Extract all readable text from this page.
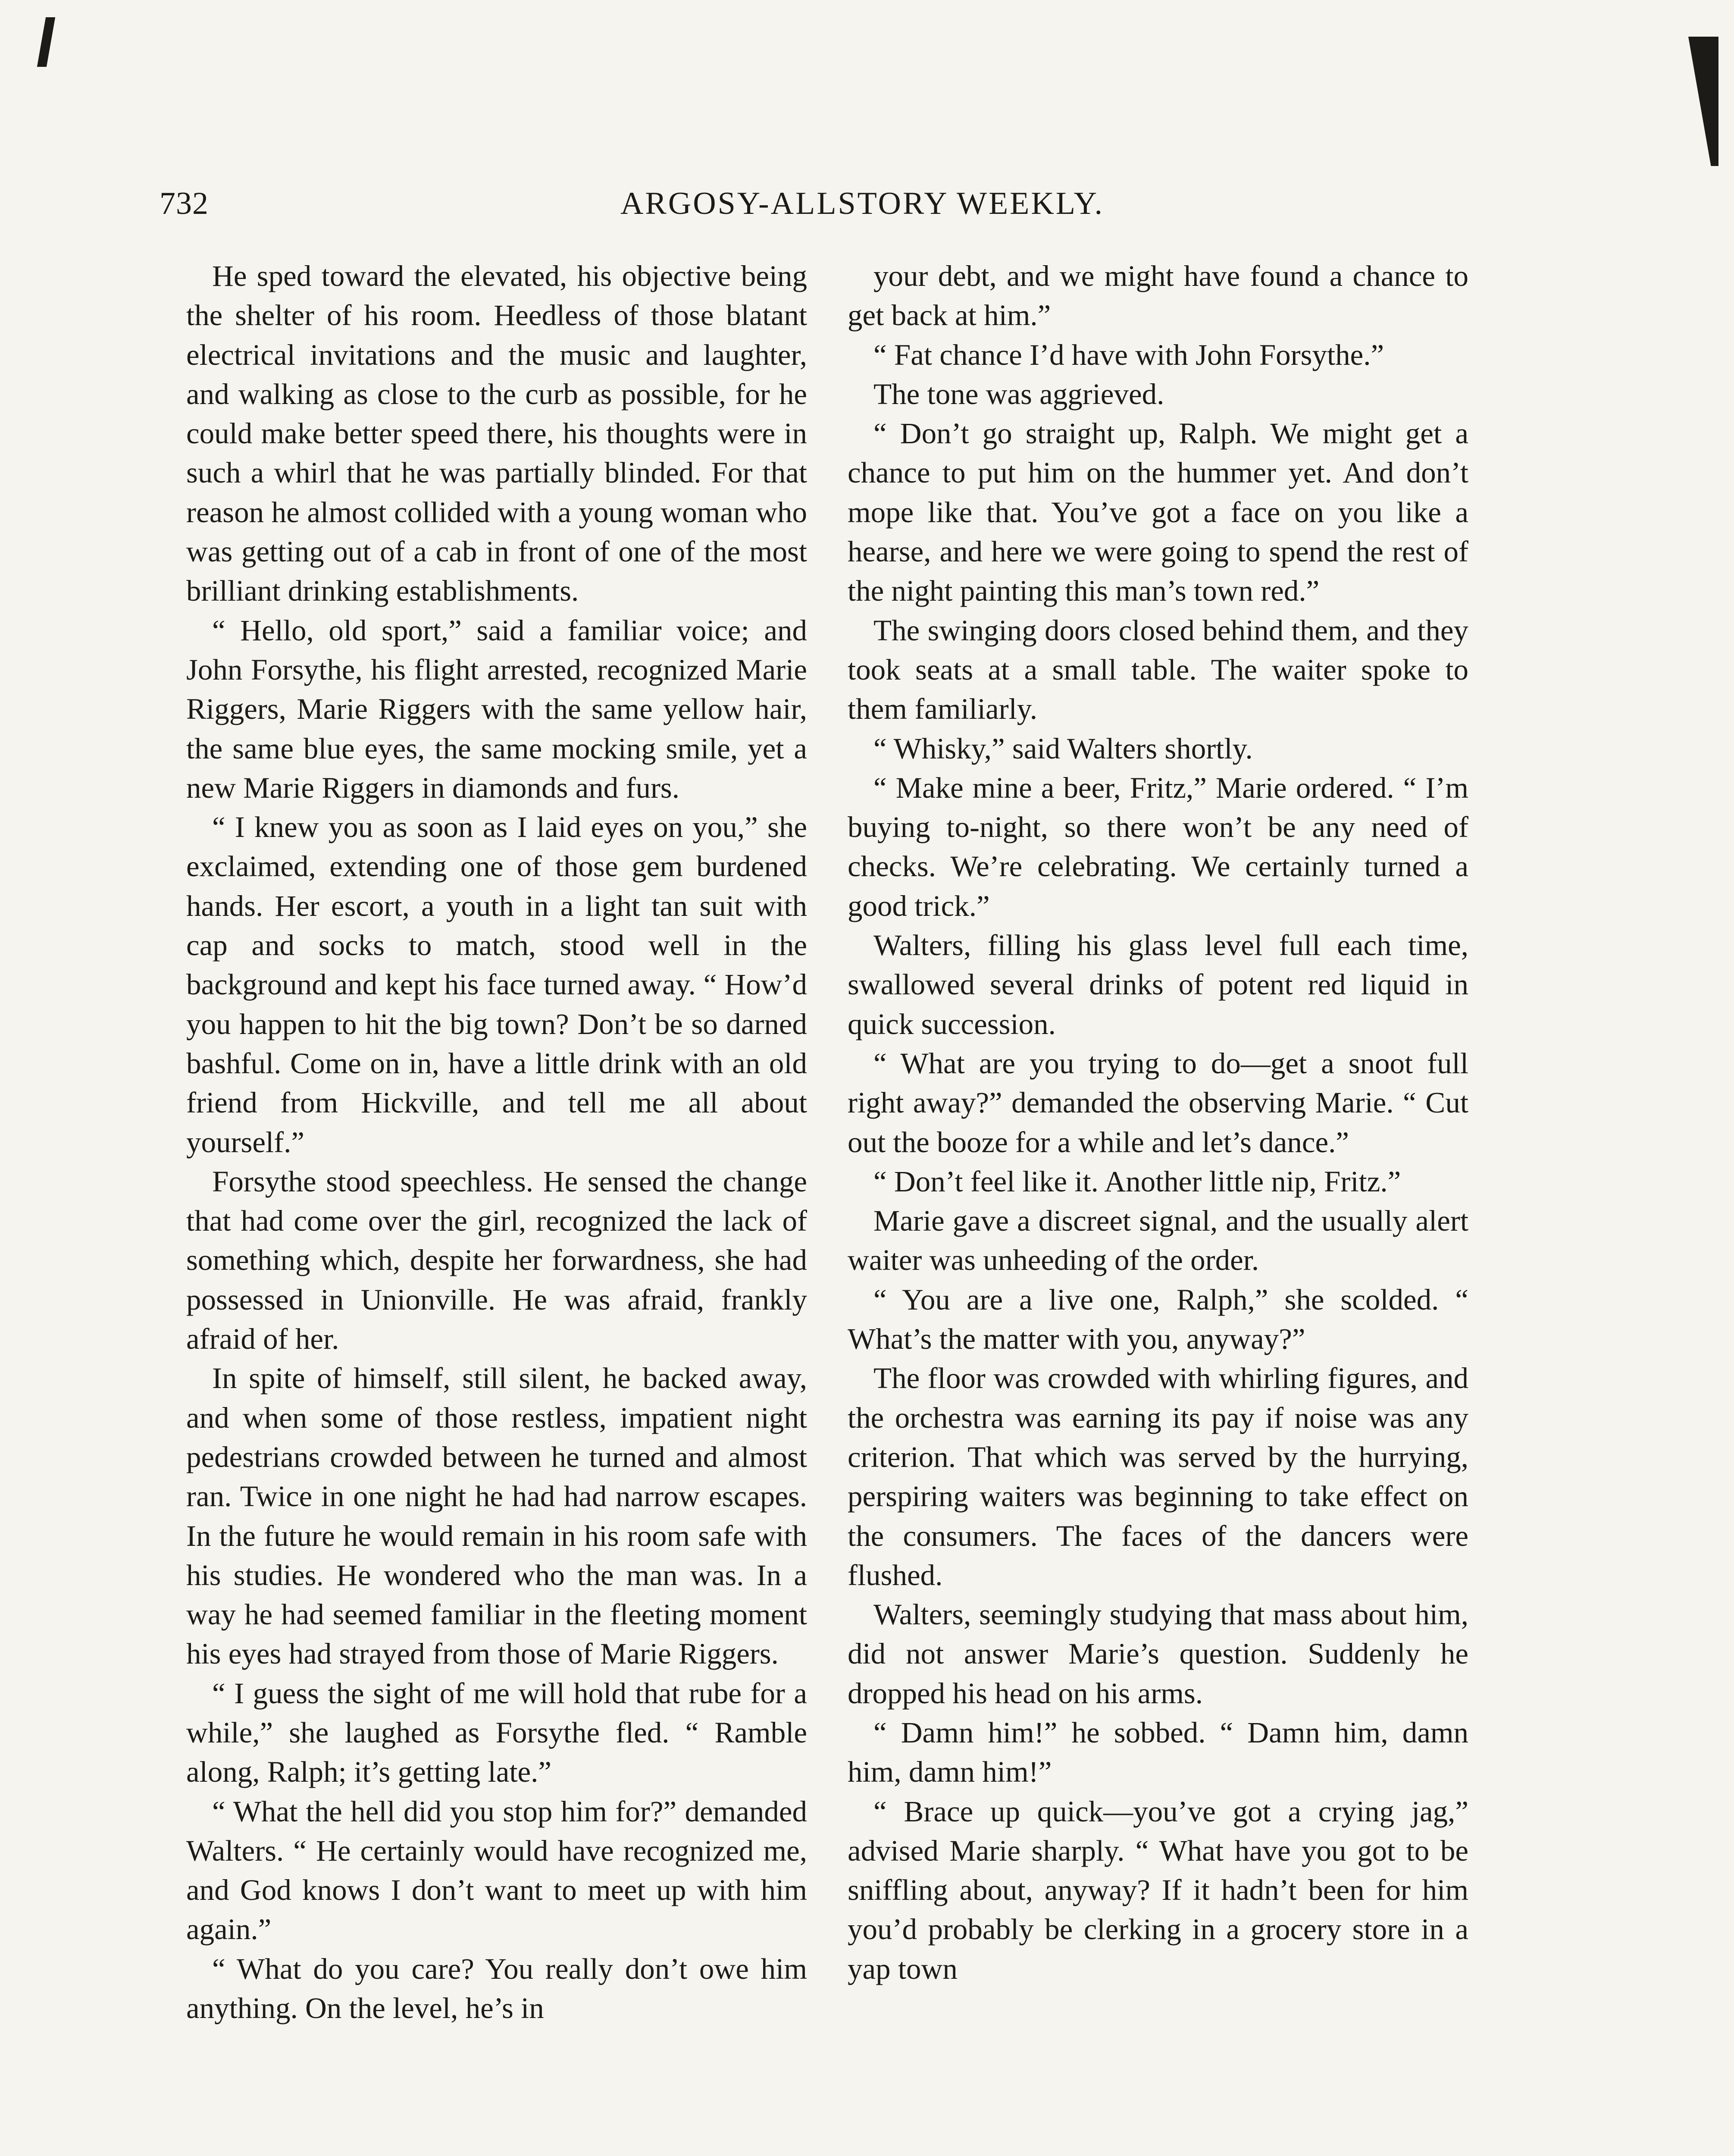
732	ARGOSY-ALLSTORY WEEKLY.

He sped toward the elevated, his objective being the shelter of his room. Heedless of those blatant electrical invitations and the music and laughter, and walking as close to the curb as possible, for he could make better speed there, his thoughts were in such a whirl that he was partially blinded. For that reason he almost collided with a young woman who was getting out of a cab in front of one of the most brilliant drinking establishments.

“ Hello, old sport,” said a familiar voice; and John Forsythe, his flight arrested, recognized Marie Riggers, Marie Riggers with the same yellow hair, the same blue eyes, the same mocking smile, yet a new Marie Riggers in diamonds and furs.

“ I knew you as soon as I laid eyes on you,” she exclaimed, extending one of those gem burdened hands. Her escort, a youth in a light tan suit with cap and socks to match, stood well in the background and kept his face turned away. “ How’d you happen to hit the big town? Don’t be so darned bashful. Come on in, have a little drink with an old friend from Hickville, and tell me all about yourself.”

Forsythe stood speechless. He sensed the change that had come over the girl, recognized the lack of something which, despite her forwardness, she had possessed in Unionville. He was afraid, frankly afraid of her.

In spite of himself, still silent, he backed away, and when some of those restless, impatient night pedestrians crowded between he turned and almost ran. Twice in one night he had had narrow escapes. In the future he would remain in his room safe with his studies. He wondered who the man was. In a way he had seemed familiar in the fleeting moment his eyes had strayed from those of Marie Riggers.

“ I guess the sight of me will hold that rube for a while,” she laughed as Forsythe fled. “ Ramble along, Ralph; it’s getting late.”

“ What the hell did you stop him for?” demanded Walters. “ He certainly would have recognized me, and God knows I don’t want to meet up with him again.”

“ What do you care? You really don’t owe him anything. On the level, he’s in

your debt, and we might have found a chance to get back at him.”

“ Fat chance I’d have with John Forsythe.”

The tone was aggrieved.

“ Don’t go straight up, Ralph. We might get a chance to put him on the hummer yet. And don’t mope like that. You’ve got a face on you like a hearse, and here we were going to spend the rest of the night painting this man’s town red.”

The swinging doors closed behind them, and they took seats at a small table. The waiter spoke to them familiarly.

“ Whisky,” said Walters shortly.

“ Make mine a beer, Fritz,” Marie ordered. “ I’m buying to-night, so there won’t be any need of checks. We’re celebrating. We certainly turned a good trick.”

Walters, filling his glass level full each time, swallowed several drinks of potent red liquid in quick succession.

“ What are you trying to do—get a snoot full right away?” demanded the observing Marie. “ Cut out the booze for a while and let’s dance.”

“ Don’t feel like it. Another little nip, Fritz.”

Marie gave a discreet signal, and the usually alert waiter was unheeding of the order.

“ You are a live one, Ralph,” she scolded. “ What’s the matter with you, anyway?”

The floor was crowded with whirling figures, and the orchestra was earning its pay if noise was any criterion. That which was served by the hurrying, perspiring waiters was beginning to take effect on the consumers. The faces of the dancers were flushed.

Walters, seemingly studying that mass about him, did not answer Marie’s question. Suddenly he dropped his head on his arms.

“ Damn him!” he sobbed. “ Damn him, damn him, damn him!”

“ Brace up quick—you’ve got a crying jag,” advised Marie sharply. “ What have you got to be sniffling about, anyway? If it hadn’t been for him you’d probably be clerking in a grocery store in a yap town
